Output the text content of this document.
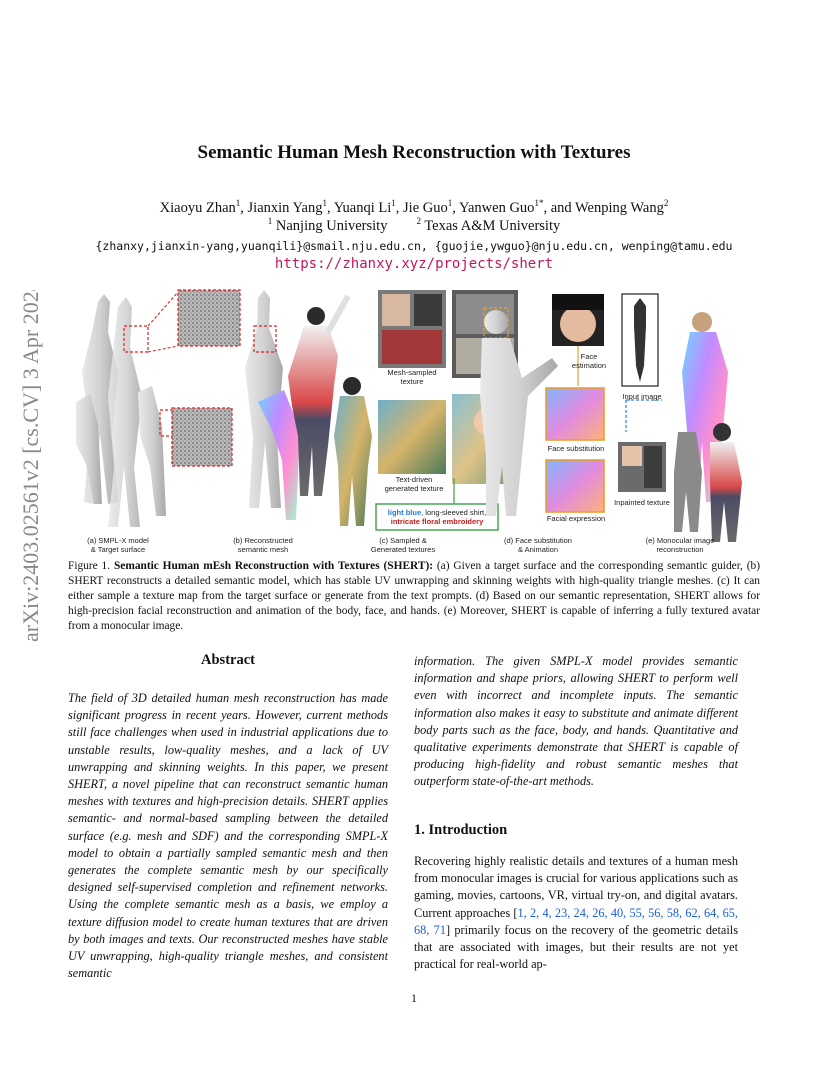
arXiv:2403.02561v2 [cs.CV] 3 Apr 2024
Semantic Human Mesh Reconstruction with Textures
Xiaoyu Zhan$^1$, Jianxin Yang$^1$, Yuanqi Li$^1$, Jie Guo$^1$, Yanwen Guo$^{1*}$, and Wenping Wang$^2$
$^1$ Nanjing University  	$^2$ Texas A&M University
{zhanxy,jianxin-yang,yuanqili}@smail.nju.edu.cn, {guojie,ywguo}@nju.edu.cn, wenping@tamu.edu
https://zhanxy.xyz/projects/shert
Mesh-sampled
texture
Text-driven
generated texture
light blue, long-sleeved shirt,
intricate floral embroidery
Face
estimation
Face substitution
Facial expression
Input image
Inpainted texture
(a) SMPL-X model
& Target surface
(b) Reconstructed
semantic mesh
(c) Sampled &
Generated textures
(d) Face substitution
& Animation
(e) Monocular image
reconstruction
Figure 1. Semantic Human mEsh Reconstruction with Textures (SHERT): (a) Given a target surface and the corresponding semantic guider, (b) SHERT reconstructs a detailed semantic model, which has stable UV unwrapping and skinning weights with high-quality triangle meshes. (c) It can either sample a texture map from the target surface or generate from the text prompts. (d) Based on our semantic representation, SHERT allows for high-precision facial reconstruction and animation of the body, face, and hands. (e) Moreover, SHERT is capable of inferring a fully textured avatar from a monocular image.
Abstract
The field of 3D detailed human mesh reconstruction has made significant progress in recent years. However, current methods still face challenges when used in industrial applications due to unstable results, low-quality meshes, and a lack of UV unwrapping and skinning weights. In this paper, we present SHERT, a novel pipeline that can reconstruct semantic human meshes with textures and high-precision details. SHERT applies semantic- and normal-based sampling between the detailed surface (e.g. mesh and SDF) and the corresponding SMPL-X model to obtain a partially sampled semantic mesh and then generates the complete semantic mesh by our specifically designed self-supervised completion and refinement networks. Using the complete semantic mesh as a basis, we employ a texture diffusion model to create human textures that are driven by both images and texts. Our reconstructed meshes have stable UV unwrapping, high-quality triangle meshes, and consistent semantic
information. The given SMPL-X model provides semantic information and shape priors, allowing SHERT to perform well even with incorrect and incomplete inputs. The semantic information also makes it easy to substitute and animate different body parts such as the face, body, and hands. Quantitative and qualitative experiments demonstrate that SHERT is capable of producing high-fidelity and robust semantic meshes that outperform state-of-the-art methods.
1. Introduction
Recovering highly realistic details and textures of a human mesh from monocular images is crucial for various applications such as gaming, movies, cartoons, VR, virtual try-on, and digital avatars. Current approaches [1, 2, 4, 23, 24, 26, 40, 55, 56, 58, 62, 64, 65, 68, 71] primarily focus on the recovery of the geometric details that are associated with images, but their results are not yet practical for real-world ap-
1
